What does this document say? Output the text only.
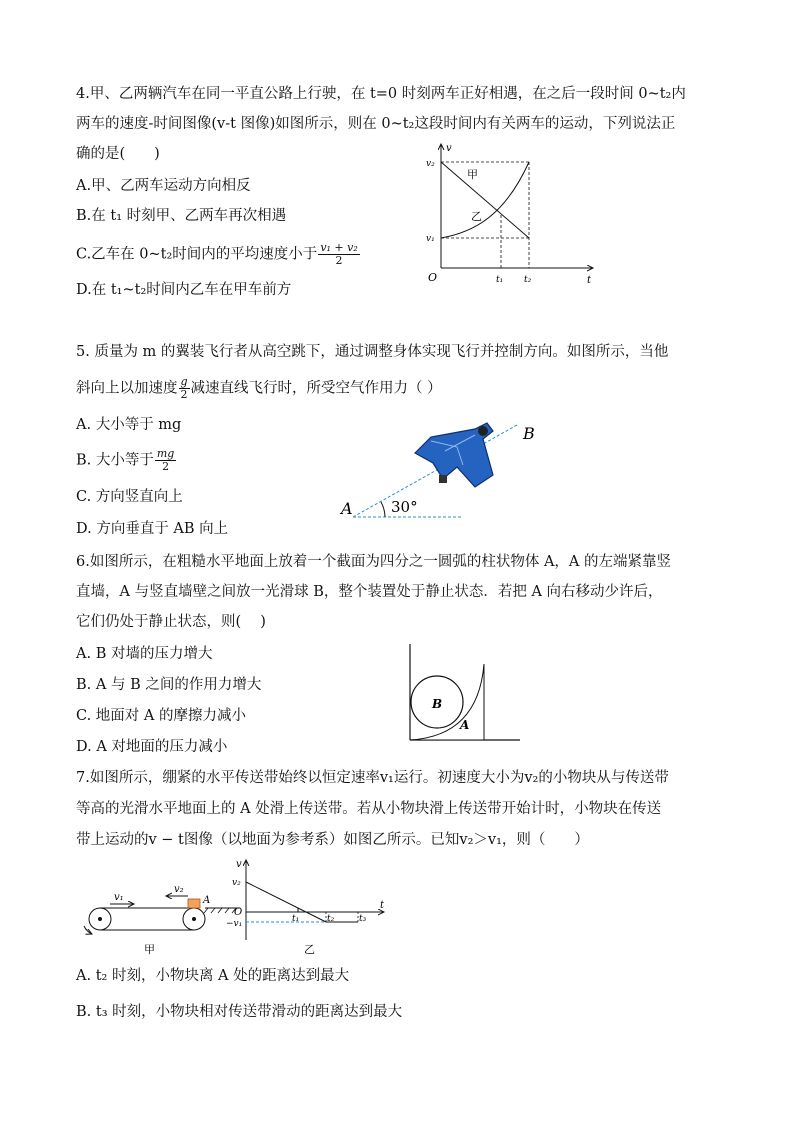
4.甲、乙两辆汽车在同一平直公路上行驶，在 t=0 时刻两车正好相遇，在之后一段时间 0~t₂内
两车的速度-时间图像(v-t 图像)如图所示，则在 0~t₂这段时间内有关两车的运动，下列说法正
确的是(　　)
A.甲、乙两车运动方向相反
B.在 t₁ 时刻甲、乙两车再次相遇
C.乙车在 0~t₂时间内的平均速度小于 $\frac{\text{v₁ + v₂}}{2}$
D.在 t₁~t₂时间内乙车在甲车前方
v
t
O
v₂
v₁
t₁ t₂
甲
乙
5. 质量为 m 的翼装飞行者从高空跳下，通过调整身体实现飞行并控制方向。如图所示，当他
斜向上以加速度 $\frac{g}{2}$ 减速直线飞行时，所受空气作用力（ ）
A. 大小等于 mg
B. 大小等于 $\frac{mg}{2}$
C. 方向竖直向上
D. 方向垂直于 AB 向上
A
B
30°
6.如图所示，在粗糙水平地面上放着一个截面为四分之一圆弧的柱状物体 A，A 的左端紧靠竖
直墙，A 与竖直墙壁之间放一光滑球 B，整个装置处于静止状态．若把 A 向右移动少许后，
它们仍处于静止状态，则(　 )
A. B 对墙的压力增大
B. A 与 B 之间的作用力增大
C. 地面对 A 的摩擦力减小
D. A 对地面的压力减小
B
A
7.如图所示，绷紧的水平传送带始终以恒定速率v₁运行。初速度大小为v₂的小物块从与传送带
等高的光滑水平地面上的 A 处滑上传送带。若从小物块滑上传送带开始计时，小物块在传送
带上运动的v − t图像（以地面为参考系）如图乙所示。已知v₂＞v₁，则（　　）
v₁
v₂
A
甲
v
t
O
v₂
−v₁	t₁	t₂	t₃
乙
A. t₂ 时刻，小物块离 A 处的距离达到最大
B. t₃ 时刻，小物块相对传送带滑动的距离达到最大
